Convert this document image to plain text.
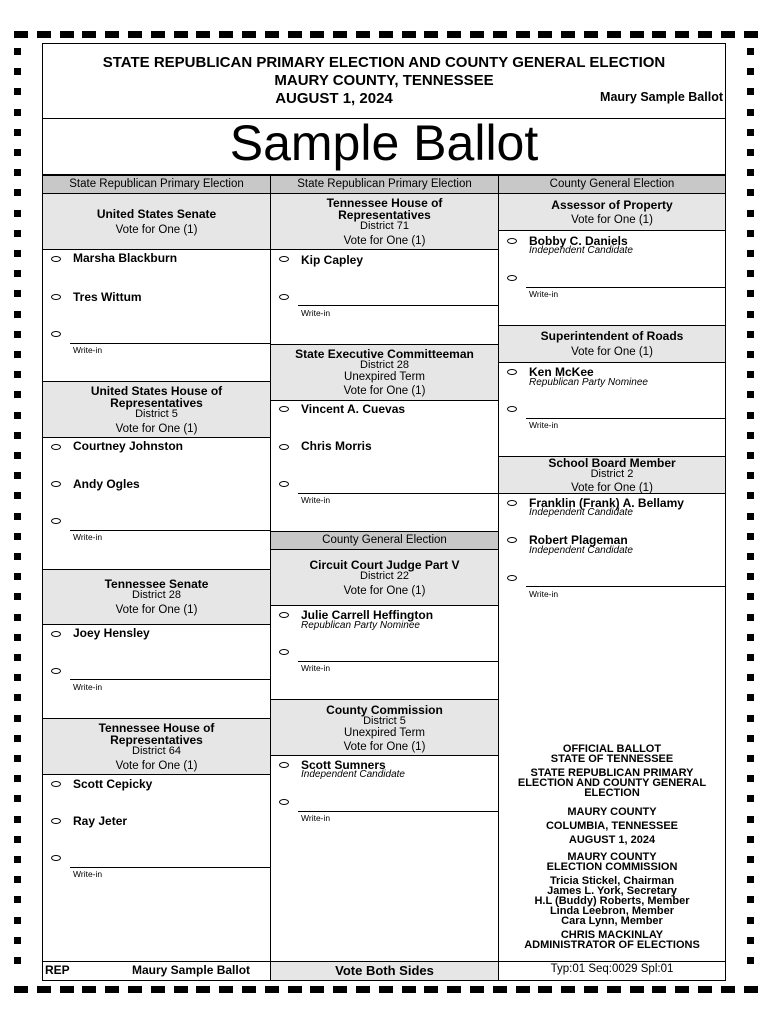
STATE REPUBLICAN PRIMARY ELECTION AND COUNTY GENERAL ELECTION
MAURY COUNTY, TENNESSEE
AUGUST 1, 2024	Maury Sample Ballot
Sample Ballot
State Republican Primary Election	State Republican Primary Election	County General Election
United States Senate
Vote for One (1)
Marsha Blackburn
Tres Wittum
Write-in
United States House of
Representatives
District 5
Vote for One (1)
Courtney Johnston
Andy Ogles
Write-in
Tennessee Senate
District 28
Vote for One (1)
Joey Hensley
Write-in
Tennessee House of
Representatives
District 64
Vote for One (1)
Scott Cepicky
Ray Jeter
Write-in
Tennessee House of
Representatives
District 71
Vote for One (1)
Kip Capley
Write-in
State Executive Committeeman
District 28
Unexpired Term
Vote for One (1)
Vincent A. Cuevas
Chris Morris
Write-in
County General Election
Circuit Court Judge Part V
District 22
Vote for One (1)
Julie Carrell Heffington
Republican Party Nominee
Write-in
County Commission
District 5
Unexpired Term
Vote for One (1)
Scott Sumners
Independent Candidate
Write-in
Assessor of Property
Vote for One (1)
Bobby C. Daniels
Independent Candidate
Write-in
Superintendent of Roads
Vote for One (1)
Ken McKee
Republican Party Nominee
Write-in
School Board Member
District 2
Vote for One (1)
Franklin (Frank) A. Bellamy
Independent Candidate
Robert Plageman
Independent Candidate
Write-in
OFFICIAL BALLOT
STATE OF TENNESSEE
STATE REPUBLICAN PRIMARY
ELECTION AND COUNTY GENERAL
ELECTION
MAURY COUNTY
COLUMBIA, TENNESSEE
AUGUST 1, 2024
MAURY COUNTY
ELECTION COMMISSION
Tricia Stickel, Chairman
James L. York, Secretary
H.L (Buddy) Roberts, Member
Linda Leebron, Member
Cara Lynn, Member
CHRIS MACKINLAY
ADMINISTRATOR OF ELECTIONS
REP	Maury Sample Ballot	Vote Both Sides	Typ:01 Seq:0029 Spl:01
